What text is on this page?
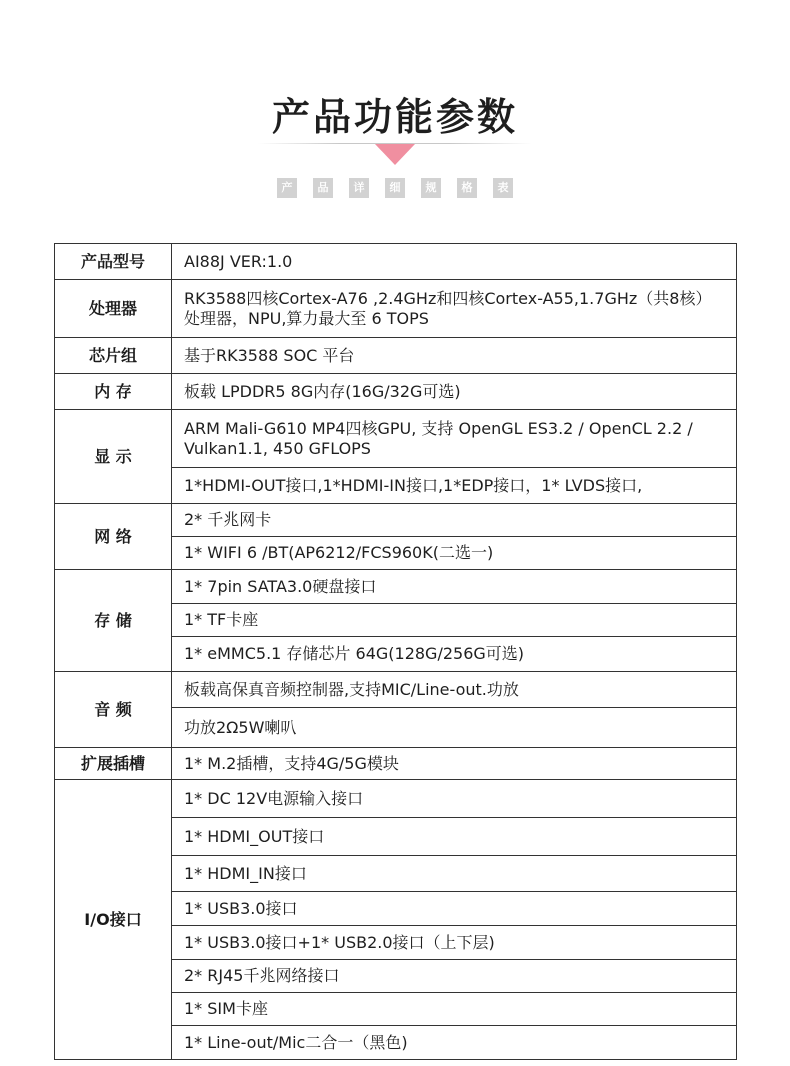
产品功能参数
产	品	详	细	规	格	表
产品型号	AI88J VER:1.0
处理器	RK3588四核Cortex-A76 ,2.4GHz和四核Cortex-A55,1.7GHz（共8核）处理器，NPU,算力最大至 6 TOPS
芯片组	基于RK3588 SOC 平台
内 存	板载 LPDDR5 8G内存(16G/32G可选)
显 示	ARM Mali-G610 MP4四核GPU, 支持 OpenGL ES3.2 / OpenCL 2.2 / Vulkan1.1, 450 GFLOPS
	1*HDMI-OUT接口,1*HDMI-IN接口,1*EDP接口，1* LVDS接口,
网 络	2* 千兆网卡
	1* WIFI 6 /BT(AP6212/FCS960K(二选一)
存 储	1* 7pin SATA3.0硬盘接口
	1* TF卡座
	1* eMMC5.1 存储芯片 64G(128G/256G可选)
音 频	板载高保真音频控制器,支持MIC/Line-out.功放
	功放2Ω5W喇叭
扩展插槽	1* M.2插槽，支持4G/5G模块
I/O接口	1* DC 12V电源输入接口
	1* HDMI_OUT接口
	1* HDMI_IN接口
	1* USB3.0接口
	1* USB3.0接口+1* USB2.0接口（上下层)
	2* RJ45千兆网络接口
	1* SIM卡座
	1* Line-out/Mic二合一（黑色)
